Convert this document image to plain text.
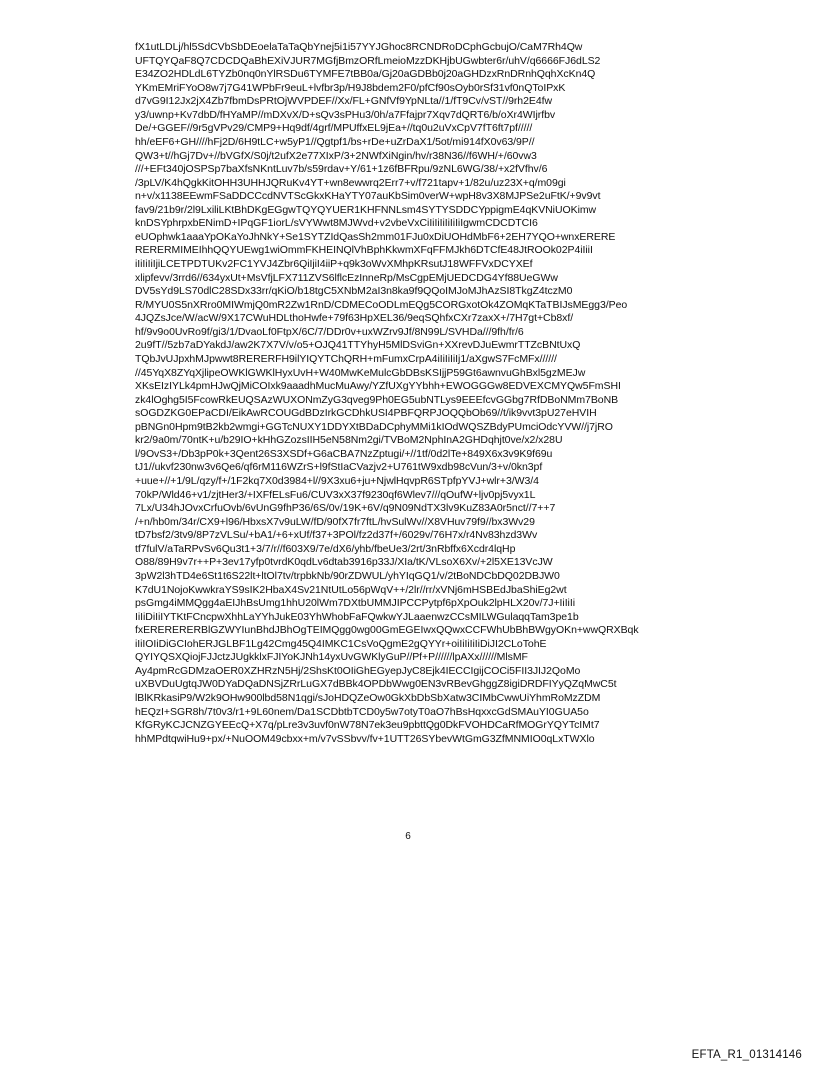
fX1utLDLj/hl5SdCVbSbDEoelaTaTaQbYnej5i1i57YYJGhoc8RCNDRoDCphGcbujO/CaM7Rh4Qw
UFTQYQaF8Q7CDCDQaBhEXiVJUR7MGfjBmzORfLmeioMzzDKHjbUGwbter6r/uhV/q6666FJ6dLS2
E34ZO2HDLdL6TYZb0nq0nYlRSDu6TYMFE7tBB0a/Gj20aGDBb0j20aGHDzxRnDRnhQqhXcKn4Q
YKmEMriFYoO8w7j7G41WPbFr9euL+lvfbr3p/H9J8bdem2F0/pfCf90sOyb0rSf31vf0nQToIPxK
d7vG9I12Jx2jX4Zb7fbmDsPRtOjWVPDEF//Xx/FL+GNfVf9YpNLta//1/fT9Cv/vST//9rh2E4fw
y3/uwnp+Kv7dbD/fHYaMP//mDXvX/D+sQv3sPHu3/0h/a7Ffajpr7Xqv7dQRT6/b/oXr4WIjrfbv
De/+GGEF//9r5gVPv29/CMP9+Hq9df/4grf/MPUffxEL9jEa+//tq0u2uVxCpV7fT6ft7pf/////
hh/eEF6+GH////hFj2D/6H9tLC+w5yP1//Qgtpf1/bs+rDe+uZrDaX1/5ot/mi914fX0v63/9P//
QW3+t//hGj7Dv+//bVGfX/S0j/t2ufX2e77XIxP/3+2NWfXiNgin/hv/r38N36//f6WH/+/60vw3
///+EFt340jOSPSp7baXfsNKntLuv7b/s59rdav+Y/61+1z6fBFRpu/9zNL6WG/38/+x2fVfhv/6
/3pLV/K4hQgkKitOHH3UHHJQRuKv4YT+wn8ewwrq2Err7+v/f721tapv+1/82u/uz23X+q/m09gi
n+v/x1138EEwmFSaDDCCcdNVTScGkxKHaYTY07auKbSim0verW+wpH8v3X8MJPSe2uFtK/+9v9vt
fav9/21b9r/2l9LxiliLKtBhDKgEGgwTQYQYUER1KHFNNLsm4SYTYSDDCYppigmE4qKVNiUOKimw
knDSYphrpxbENimD+IPqGF1iorL/sVYWwt8MJWvd+v2vbeVxCiIiIiIiIiIiIiIgwmCDCDTCI6
eUOphwk1aaaYpOKaYoJhNkY+Se1SYTZIdQasSh2mm01FJu0xDiUOHdMbF6+2EH7YQO+wnxERERE
RERERMIMEIhhQQYUEwg1wiOmmFKHEINQlVhBphKkwmXFqFFMJkh6DTCfE48JtROOk02P4iIiiI
iIiIiIiIjiLCETPDTUKv2FC1YVJ4Zbr6QiIjiI4iiP+q9k3oWvXMhpKRsutJ18WFFVxDCYXEf
xlipfevv/3rrd6//634yxUt+MsVfjLFX711ZVS6lflcEzInneRp/MsCgpEMjUEDCDG4Yf88UeGWw
DV5sYd9LS70dlC28SDx33rr/qKiO/b18tgC5XNbM2aI3n8ka9f9QQoIMJoMJhAzSI8TkgZ4tczM0
R/MYU0S5nXRro0MIWmjQ0mR2Zw1RnD/CDMECoODLmEQg5CORGxotOk4ZOMqKTaTBIJsMEgg3/Peo
4JQZsJce/W/acW/9X17CWuHDLthoHwfe+79f63HpXEL36/9eqSQhfxCXr7zaxX+/7H7gt+Cb8xf/
hf/9v9o0UvRo9f/gi3/1/DvaoLf0FtpX/6C/7/DDr0v+uxWZrv9Jf/8N99L/SVHDa///9fh/fr/6
2u9fT//5zb7aDYakdJ/aw2K7X7V/v/o5+OJQ41TTYhyH5MlDSviGn+XXrevDJuEwmrTTZcBNtUxQ
TQbJvUJpxhMJpwwt8RERERFH9ilYIQYTChQRH+mFumxCrpA4iIiIiIiIj1/aXgwS7FcMFx//////
//45YqX8ZYqXjlipeOWKlGWKlHyxUvH+W40MwKeMulcGbDBsKSIjjP59Gt6awnvuGhBxl5gzMEJw
XKsEIzIYLk4pmHJwQjMiCOIxk9aaadhMucMuAwy/YZfUXgYYbhh+EWOGGGw8EDVEXCMYQw5FmSHI
zk4lOghg5I5FcowRkEUQSAzWUXONmZyG3qveg9Ph0EG5ubNTLys9EEEfcvGGbg7RfDBoNMm7BoNB
sOGDZKG0EPaCDI/EikAwRCOUGdBDzIrkGCDhkUSI4PBFQRPJOQQbOb69//t/ik9vvt3pU27eHVIH
pBNGn0Hpm9tB2kb2wmgi+GGTcNUXY1DDYXtBDaDCphyMMi1kIOdWQSZBdyPUmciOdcYVW//j7jRO
kr2/9a0m/70ntK+u/b29IO+kHhGZozsIIH5eN58Nm2gi/TVBoM2NphInA2GHDqhjt0ve/x2/x28U
l/9OvS3+/Db3pP0k+3Qent26S3XSDf+G6aCBA7NzZptugi/+//1tf/0d2lTe+849X6x3v9K9f69u
tJ1//ukvf230nw3v6Qe6/qf6rM116WZrS+l9fStIaCVazjv2+U761tW9xdb98cVun/3+v/0kn3pf
+uue+//+1/9L/qzy/f+/1F2kq7X0d3984+l//9X3xu6+ju+NjwlHqvpR6STpfpYVJ+wlr+3/W3/4
70kP/Wld46+v1/zjtHer3/+IXFfELsFu6/CUV3xX37f9230qf6Wlev7///qOufW+ljv0pj5vyx1L
7Lx/U34hJOvxCrfuOvb/6vUnG9fhP36/6S/0v/19K+6V/q9N09NdTX3lv9KuZ83A0r5nct//7++7
/+n/hb0m/34r/CX9+l96/HbxsX7v9uLW/fD/90fX7fr7ftL/hvSulWv//X8VHuv79f9//bx3Wv29
tD7bsf2/3tv9/8P7zVLSu/+bA1/+6+xUf/f37+3POl/fz2d37f+/6029v/76H7x/r4Nv83hzd3Wv
tf7fulV/aTaRPvSv6Qu3t1+3/7/r//f603X9/7e/dX6/yhb/fbeUe3/2rt/3nRbffx6Xcdr4lqHp
O88/89H9v7r++P+3ev17yfp0tvrdK0qdLv6dtab3916p33J/XIa/tK/VLsoX6Xv/+2l5XE13VcJW
3pW2l3hTD4e6St1t6S22lt+ltOl7tv/trpbkNb/90rZDWUL/yhYIqGQ1/v/2tBoNDCbDQ02DBJW0
K7dU1NojoKwwkraYS9sIK2HbaX4Sv21NtUtLo56pWqV++/2lr//rr/xVNj6mHSBEdJbaShiEg2wt
psGmg4iMMQgg4aEIJhBsUmg1hhU20lWm7DXtbUMMJIPCCPytpf6pXpOuk2lpHLX20v/7J+IiIiIi
IiIiDiIiIYTKtFCncpwXhhLaYYhJukE03YhWhobFaFQwkwYJLaaenwzCCsMILWGulaqqTam3pe1b
fxERERERERBlGZWYIunBhdJBhOgTEIMQgg0wg00GmEGEIwxQQwxCCFWhUbBhBWgyOKn+wwQRXBqk
iIiIOIiDiGCIohERJGLBF1Lg42Cmg45Q4IMKC1CsVoQgmE2gQYYr+oiIiIiIiIiDiJI2CLoTohE
QYIYQSXQiojFJJctzJUgkklxFJIYoKJNh14yxUvGWKlyGuP//Pf+P//////lpAXx//////MlsMF
Ay4pmRcGDMzaOER0XZHRzN5Hj/2ShsKt0OIiGhEGyepJyC8Ejk4IECCIgijCOCi5FII3JIJ2QoMo
uXBVDuUgtqJW0DYaDQaDNSjZRrLuGX7dBBk4OPDbWwg0EN3vRBevGhggZ8igiDRDFIYyQZqMwC5t
lBlKRkasiP9/W2k9OHw900lbd58N1qgi/sJoHDQZeOw0GkXbDbSbXatw3CIMbCwwUiYhmRoMzZDM
hEQzI+SGR8h/7t0v3/r1+9L60nem/Da1SCDbtbTCD0y5w7otyT0aO7hBsHqxxcGdSMAuYI0GUA5o
KfGRyKCJCNZGYEEcQ+X7q/pLre3v3uvf0nW78N7ek3eu9pbttQg0DkFVOHDCaRfMOGrYQYTcIMt7
hhMPdtqwiHu9+px/+NuOOM49cbxx+m/v7vSSbvv/fv+1UTT26SYbevWtGmG3ZfMNMIO0qLxTWXlo
6
EFTA_R1_01314146
